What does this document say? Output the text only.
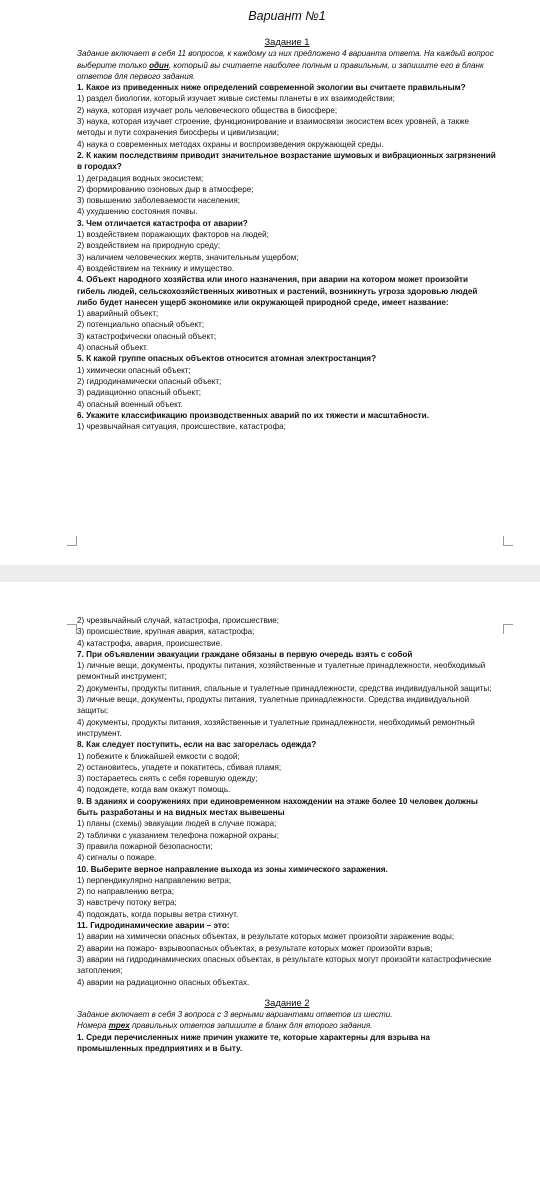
Вариант №1

Задание 1

Задание включает в себя 11 вопросов, к каждому из них предложено 4 варианта ответа. На каждый вопрос выберите только один, который вы считаете наиболее полным и правильным, и запишите его в бланк ответов для первого задания.

1. Какое из приведенных ниже определений современной экологии вы считаете правильным?

1) раздел биологии, который изучает живые системы планеты в их взаимодействии;

2) наука, которая изучает роль человеческого общества в биосфере;

3) наука, которая изучает строение, функционирование и взаимосвязи экосистем всех уровней, а также методы и пути сохранения биосферы и цивилизации;

4) наука о современных методах охраны и воспроизведения окружающей среды.

2. К каким последствиям приводит значительное возрастание шумовых и вибрационных загрязнений в городах?

1) деградация водных экосистем;

2) формированию озоновых дыр в атмосфере;

3) повышению заболеваемости населения;

4) ухудшению состояния почвы.

3. Чем отличается катастрофа от аварии?

1) воздействием поражающих факторов на людей;

2) воздействием на природную среду;

3) наличием человеческих жертв, значительным ущербом;

4) воздействием на технику и имущество.

4. Объект народного хозяйства или иного назначения, при аварии на котором может произойти гибель людей, сельскохозяйственных животных и растений, возникнуть угроза здоровью людей либо будет нанесен ущерб экономике или окружающей природной среде, имеет название:

1) аварийный объект;

2) потенциально опасный объект;

3) катастрофически опасный объект;

4) опасный объект.

5. К какой группе опасных объектов относится атомная электростанция?

1) химически опасный объект;

2) гидродинамически опасный объект;

3) радиационно опасный объект;

4) опасный военный объект.

6. Укажите классификацию производственных аварий по их тяжести и масштабности.

1) чрезвычайная ситуация, происшествие, катастрофа;

2) чрезвычайный случай, катастрофа, происшествие;

3) происшествие, крупная авария, катастрофа;

4) катастрофа, авария, происшествие.

7. При объявлении эвакуации граждане обязаны в первую очередь взять с собой

1) личные вещи, документы, продукты питания, хозяйственные и туалетные принадлежности, необходимый ремонтный инструмент;

2) документы, продукты питания, спальные и туалетные принадлежности, средства индивидуальной защиты;

3) личные вещи, документы, продукты питания, туалетные принадлежности. Средства индивидуальной защиты;

4) документы, продукты питания, хозяйственные и туалетные принадлежности, необходимый ремонтный инструмент.

8. Как следует поступить, если на вас загорелась одежда?

1) побежите к ближайшей емкости с водой;

2) остановитесь, упадете и покатитесь, сбивая пламя;

3) постараетесь снять с себя горевшую одежду;

4) подождете, когда вам окажут помощь.

9. В зданиях и сооружениях при единовременном нахождении на этаже более 10 человек должны быть разработаны и на видных местах вывешены

1) планы (схемы) эвакуации людей в случае пожара;

2) таблички с указанием телефона пожарной охраны;

3) правила пожарной безопасности;

4) сигналы о пожаре.

10. Выберите верное направление выхода из зоны химического заражения.

1) перпендикулярно направлению ветра;

2) по направлению ветра;

3) навстречу потоку ветра;

4) подождать, когда порывы ветра стихнут.

11. Гидродинамические аварии – это:

1) аварии на химически опасных объектах, в результате которых может произойти заражение воды;

2) аварии на пожаро- взрывоопасных объектах, в результате которых может произойти взрыв;

3) аварии на гидродинамических опасных объектах, в результате которых могут произойти катастрофические затопления;

4) аварии на радиационно опасных объектах.

Задание 2

Задание включает в себя 3 вопроса с 3 верными вариантами ответов из шести.

Номера трех правильных ответов запишите в бланк для второго задания.

1. Среди перечисленных ниже причин укажите те, которые характерны для взрыва на промышленных предприятиях и в быту.
